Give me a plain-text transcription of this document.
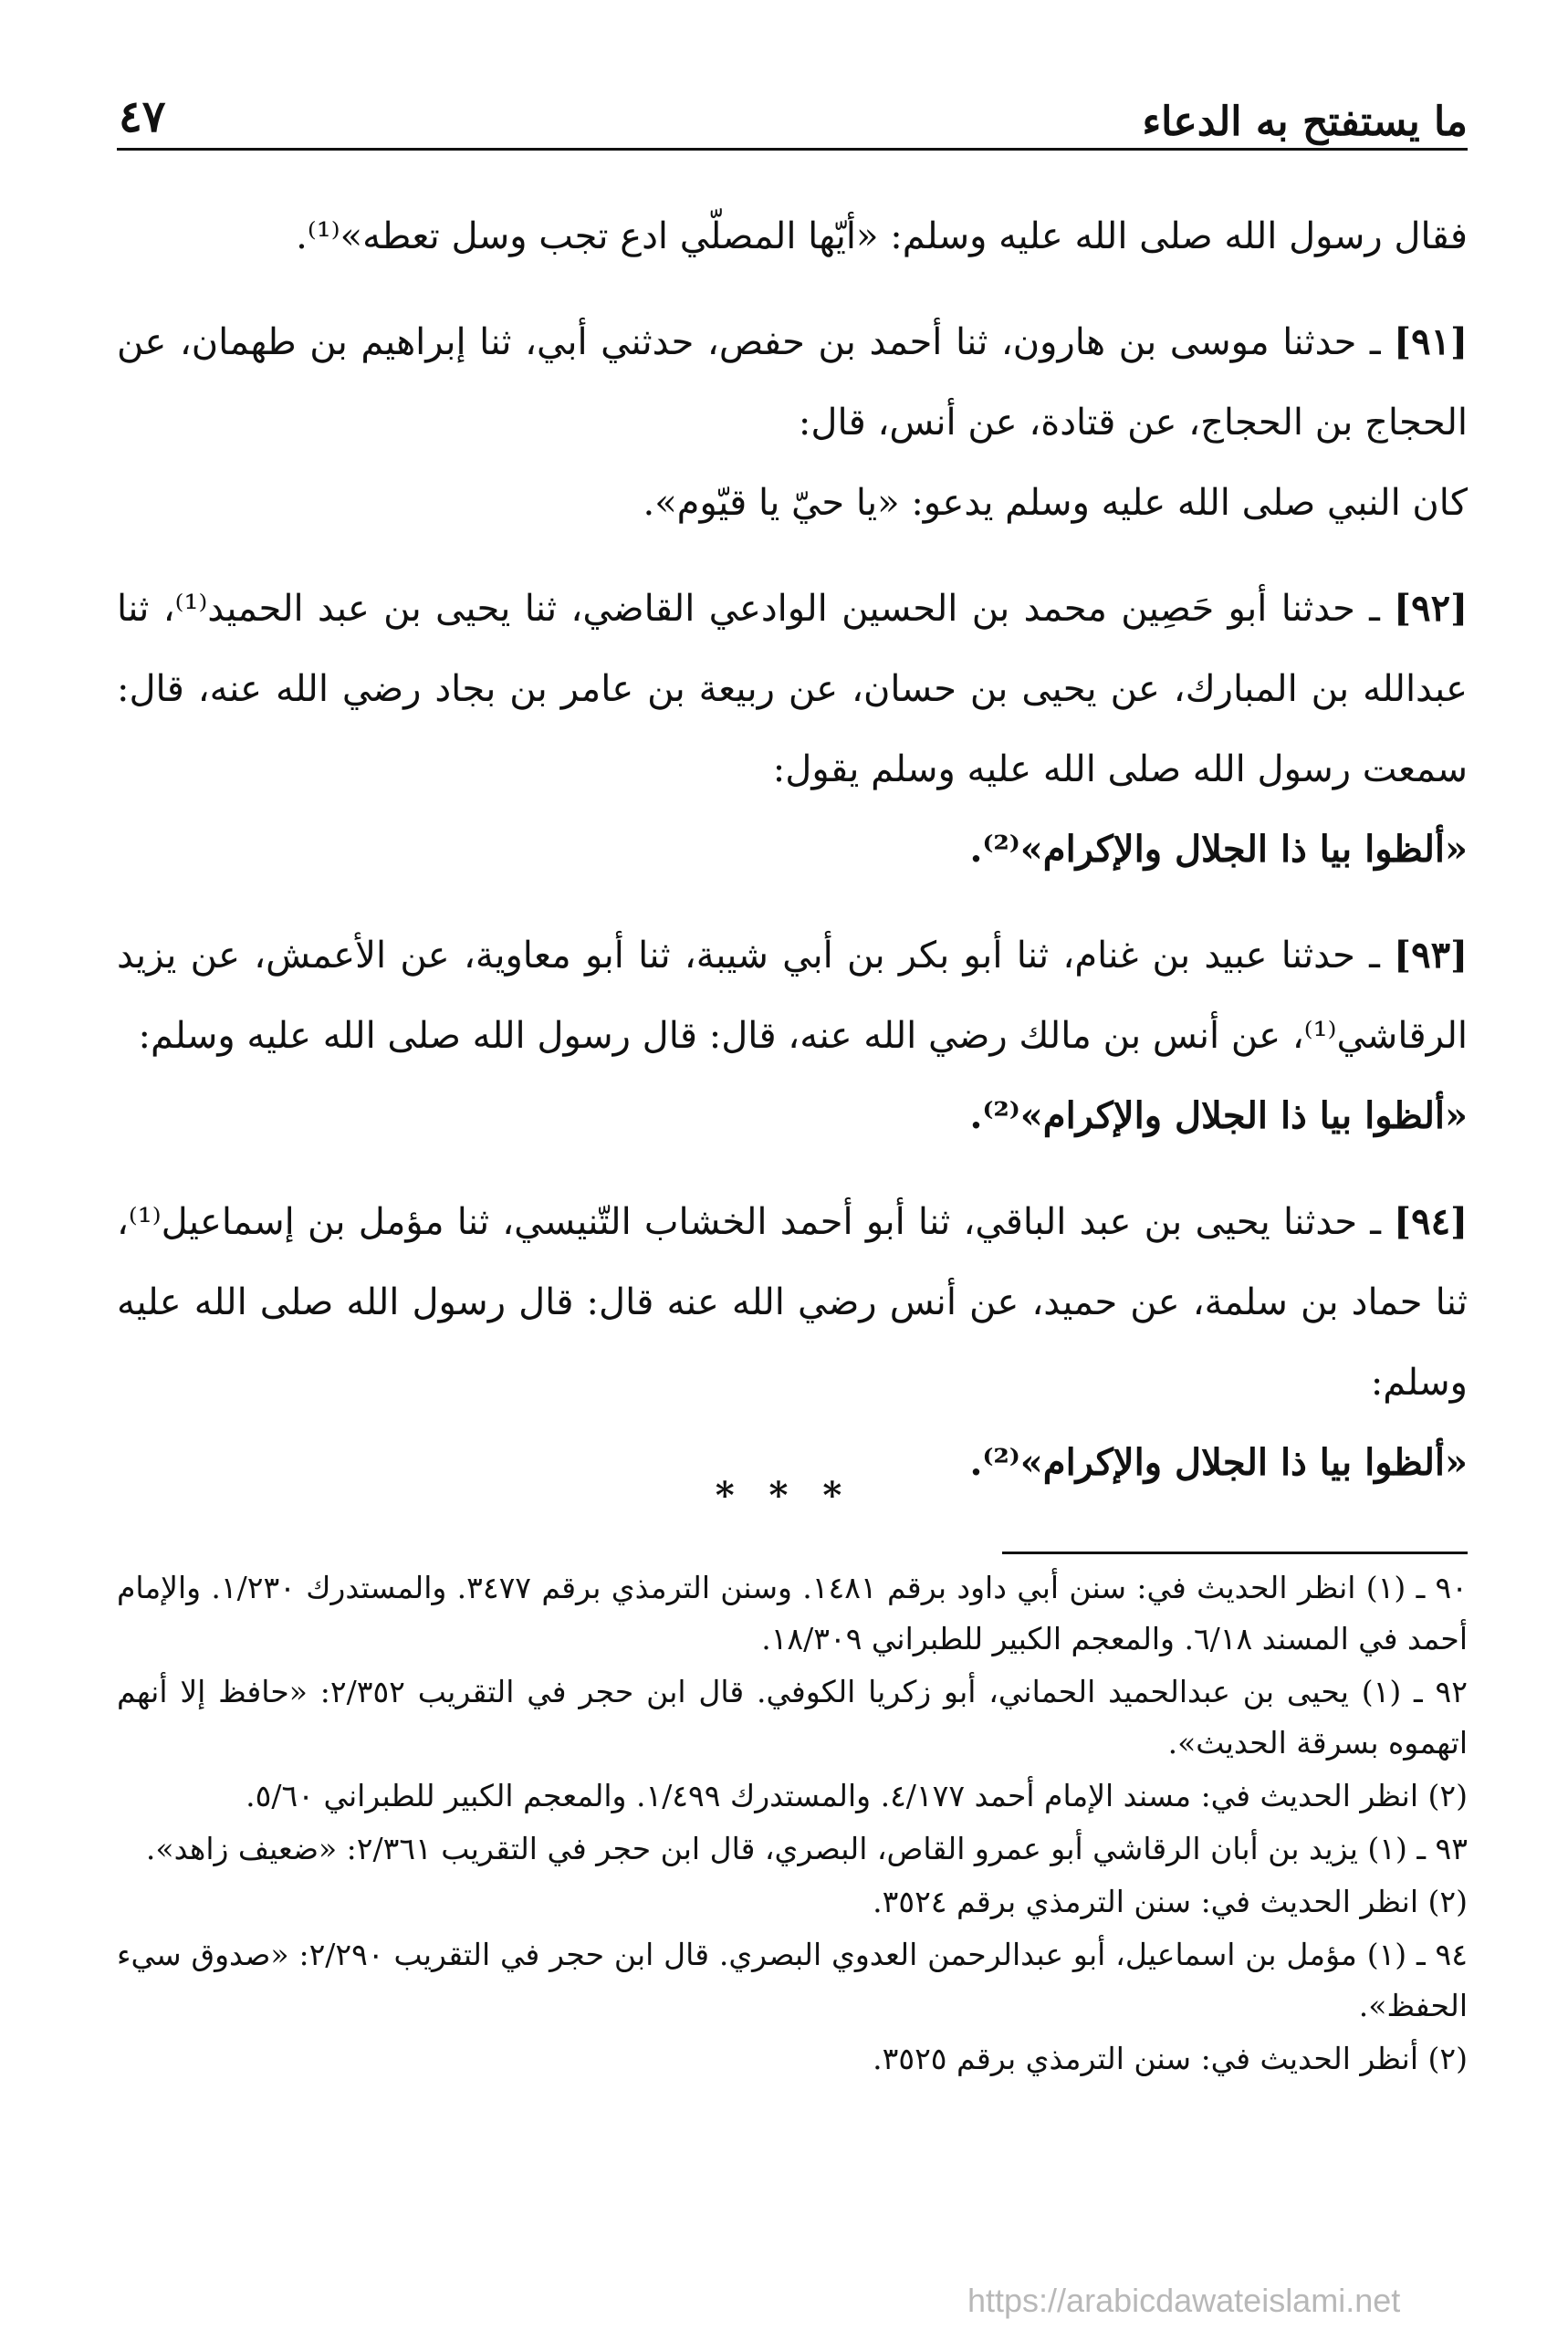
ما يستفتح به الدعاء
٤٧

فقال رسول الله صلى الله عليه وسلم: «أيّها المصلّي ادع تجب وسل تعطه»⁽¹⁾.

[٩١] ـ حدثنا موسى بن هارون، ثنا أحمد بن حفص، حدثني أبي، ثنا إبراهيم بن طهمان، عن الحجاج بن الحجاج، عن قتادة، عن أنس، قال:

كان النبي صلى الله عليه وسلم يدعو: «يا حيّ يا قيّوم».

[٩٢] ـ حدثنا أبو حَصِين محمد بن الحسين الوادعي القاضي، ثنا يحيى بن عبد الحميد⁽¹⁾، ثنا عبدالله بن المبارك، عن يحيى بن حسان، عن ربيعة بن عامر بن بجاد رضي الله عنه، قال: سمعت رسول الله صلى الله عليه وسلم يقول:

«ألظوا بيا ذا الجلال والإكرام»⁽²⁾.

[٩٣] ـ حدثنا عبيد بن غنام، ثنا أبو بكر بن أبي شيبة، ثنا أبو معاوية، عن الأعمش، عن يزيد الرقاشي⁽¹⁾، عن أنس بن مالك رضي الله عنه، قال: قال رسول الله صلى الله عليه وسلم:

«ألظوا بيا ذا الجلال والإكرام»⁽²⁾.

[٩٤] ـ حدثنا يحيى بن عبد الباقي، ثنا أبو أحمد الخشاب التّنيسي، ثنا مؤمل بن إسماعيل⁽¹⁾، ثنا حماد بن سلمة، عن حميد، عن أنس رضي الله عنه قال: قال رسول الله صلى الله عليه وسلم:

«ألظوا بيا ذا الجلال والإكرام»⁽²⁾.

* * *

٩٠ ـ (١) انظر الحديث في: سنن أبي داود برقم ١٤٨١. وسنن الترمذي برقم ٣٤٧٧. والمستدرك ١/٢٣٠. والإمام أحمد في المسند ٦/١٨. والمعجم الكبير للطبراني ١٨/٣٠٩.

٩٢ ـ (١) يحيى بن عبدالحميد الحماني، أبو زكريا الكوفي. قال ابن حجر في التقريب ٢/٣٥٢: «حافظ إلا أنهم اتهموه بسرقة الحديث».

(٢) انظر الحديث في: مسند الإمام أحمد ٤/١٧٧. والمستدرك ١/٤٩٩. والمعجم الكبير للطبراني ٥/٦٠.

٩٣ ـ (١) يزيد بن أبان الرقاشي أبو عمرو القاص، البصري، قال ابن حجر في التقريب ٢/٣٦١: «ضعيف زاهد».

(٢) انظر الحديث في: سنن الترمذي برقم ٣٥٢٤.

٩٤ ـ (١) مؤمل بن اسماعيل، أبو عبدالرحمن العدوي البصري. قال ابن حجر في التقريب ٢/٢٩٠: «صدوق سيء الحفظ».

(٢) أنظر الحديث في: سنن الترمذي برقم ٣٥٢٥.

https://arabicdawateislami.net
